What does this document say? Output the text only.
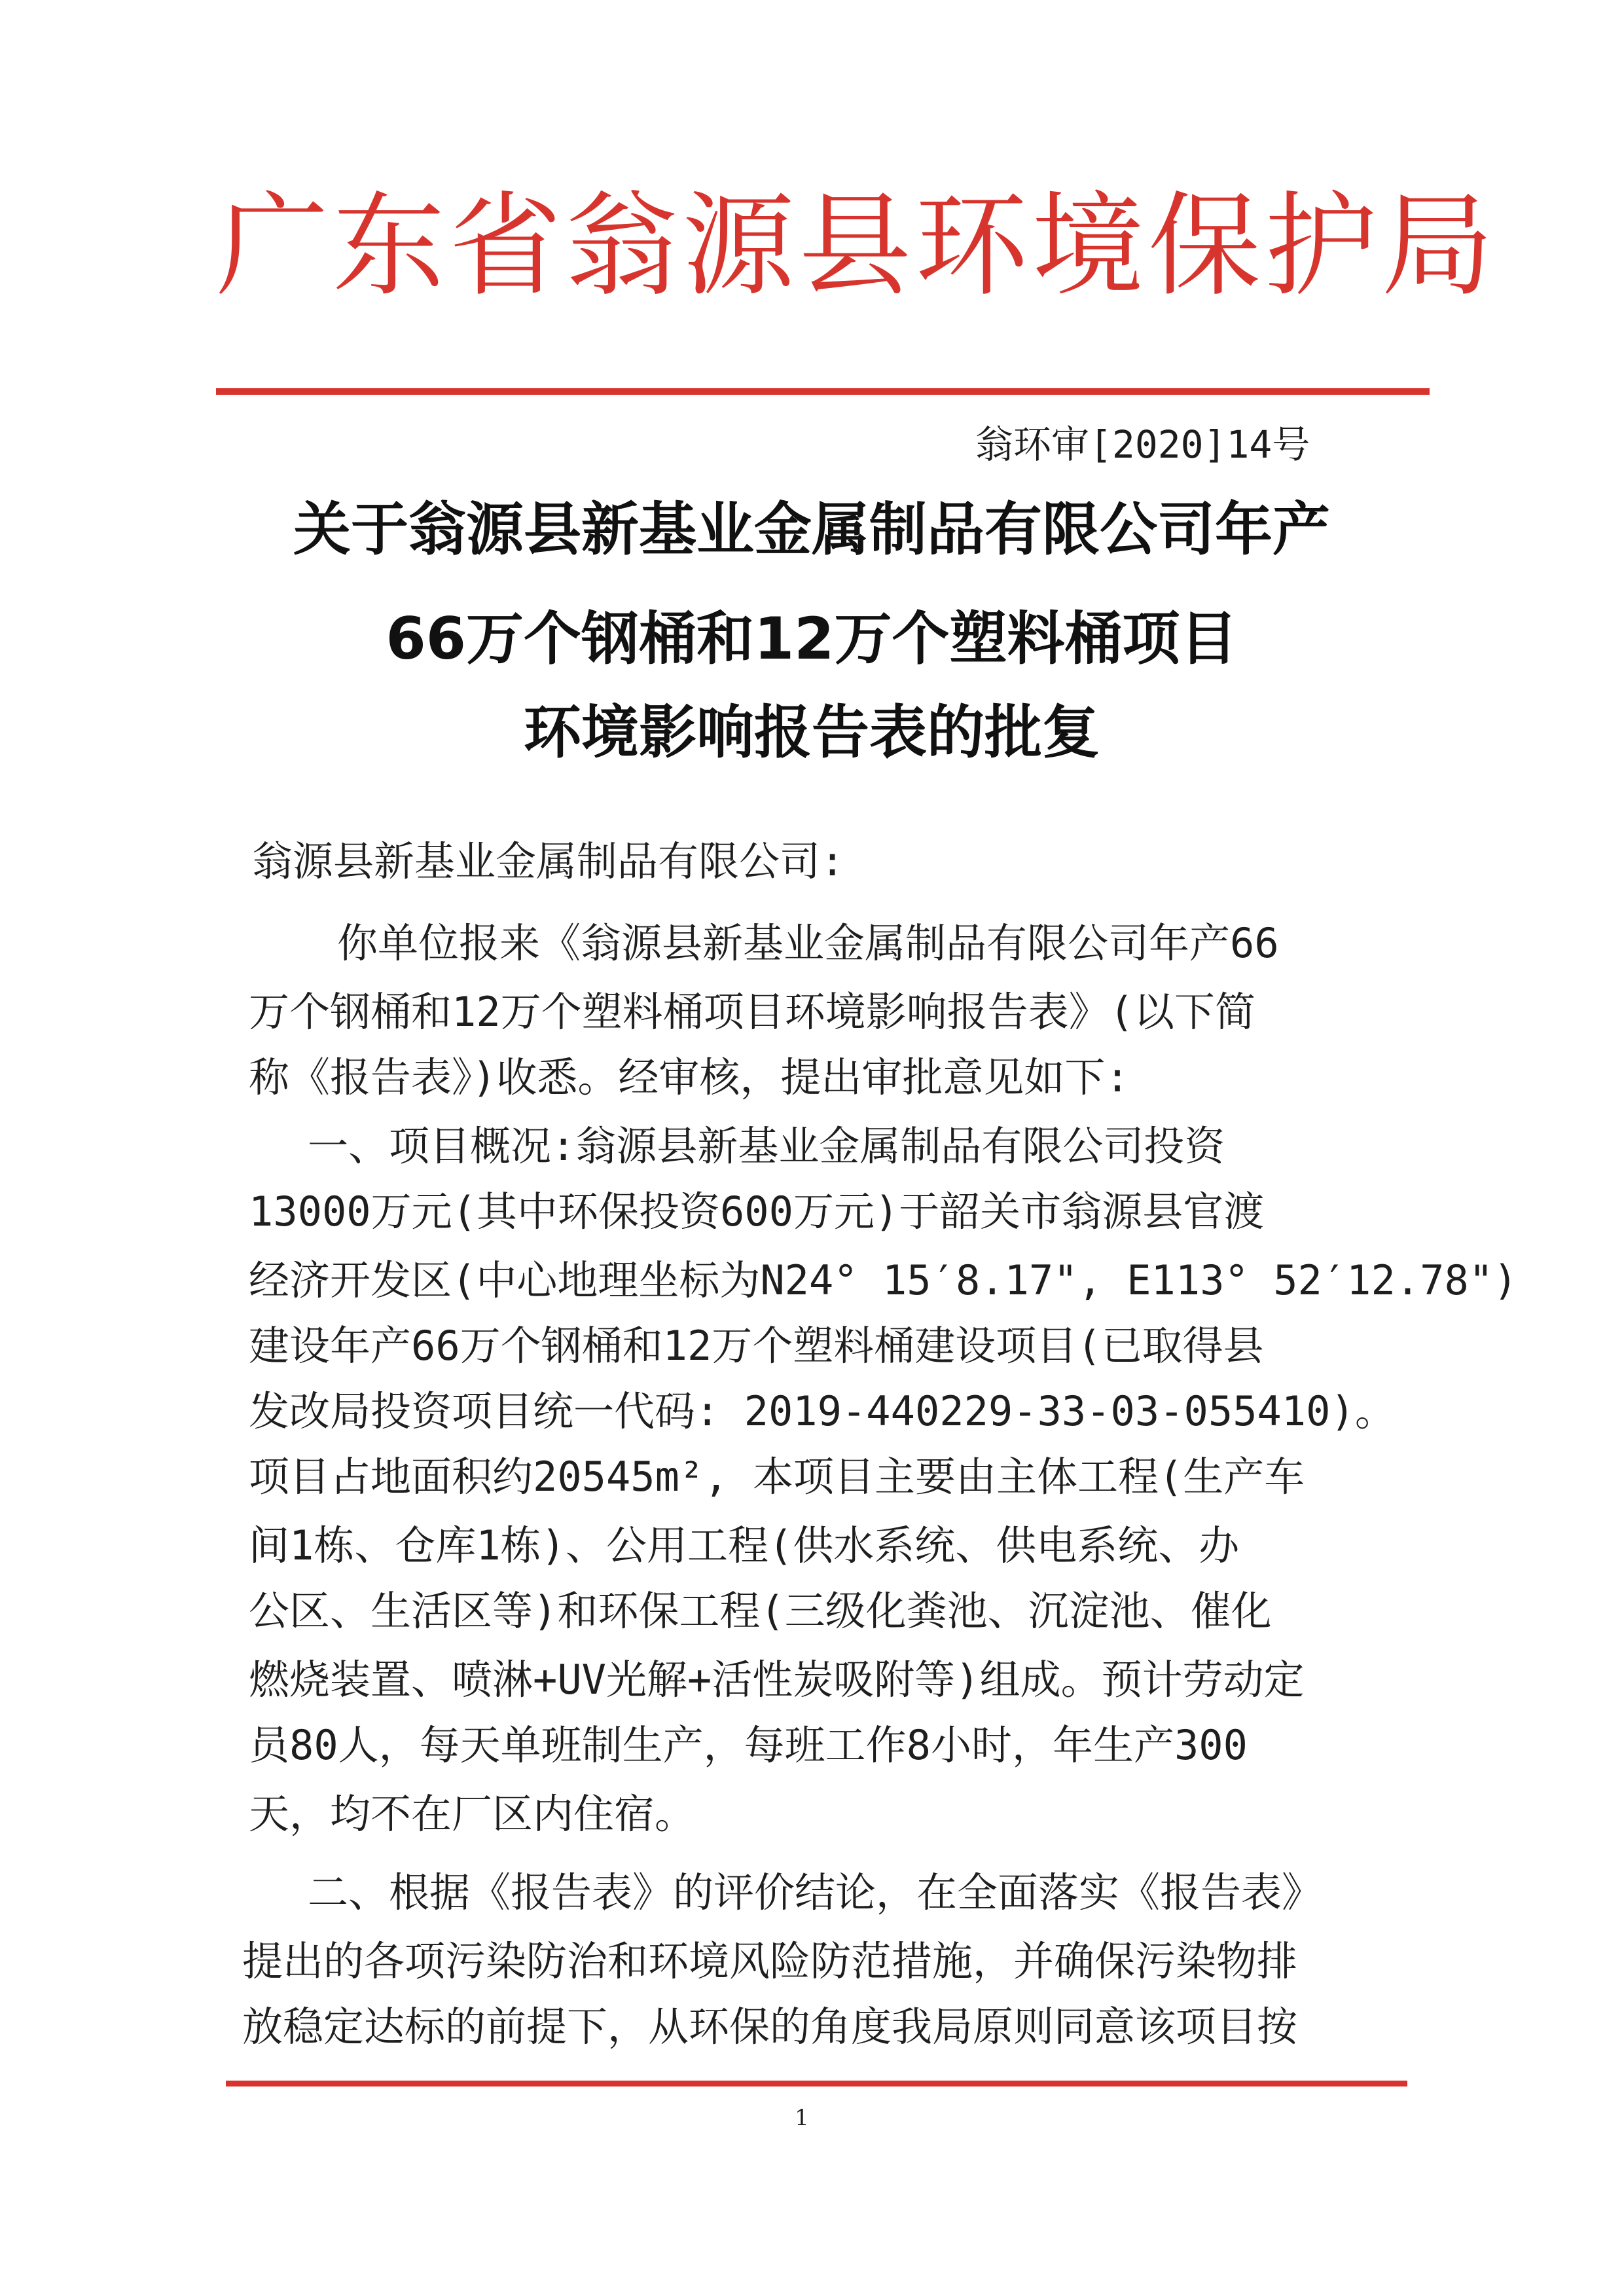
广东省翁源县环境保护局
翁环审[2020]14号
关于翁源县新基业金属制品有限公司年产
66万个钢桶和12万个塑料桶项目
环境影响报告表的批复
翁源县新基业金属制品有限公司:
你单位报来《翁源县新基业金属制品有限公司年产66
万个钢桶和12万个塑料桶项目环境影响报告表》(以下简
称《报告表》)收悉。经审核，提出审批意见如下:
一、项目概况:翁源县新基业金属制品有限公司投资
13000万元(其中环保投资600万元)于韶关市翁源县官渡
经济开发区(中心地理坐标为N24° 15′8.17", E113° 52′12.78")
建设年产66万个钢桶和12万个塑料桶建设项目(已取得县
发改局投资项目统一代码: 2019-440229-33-03-055410)。
项目占地面积约20545m², 本项目主要由主体工程(生产车
间1栋、仓库1栋)、公用工程(供水系统、供电系统、办
公区、生活区等)和环保工程(三级化粪池、沉淀池、催化
燃烧装置、喷淋+UV光解+活性炭吸附等)组成。预计劳动定
员80人，每天单班制生产，每班工作8小时，年生产300
天，均不在厂区内住宿。
二、根据《报告表》的评价结论，在全面落实《报告表》
提出的各项污染防治和环境风险防范措施，并确保污染物排
放稳定达标的前提下，从环保的角度我局原则同意该项目按
1
